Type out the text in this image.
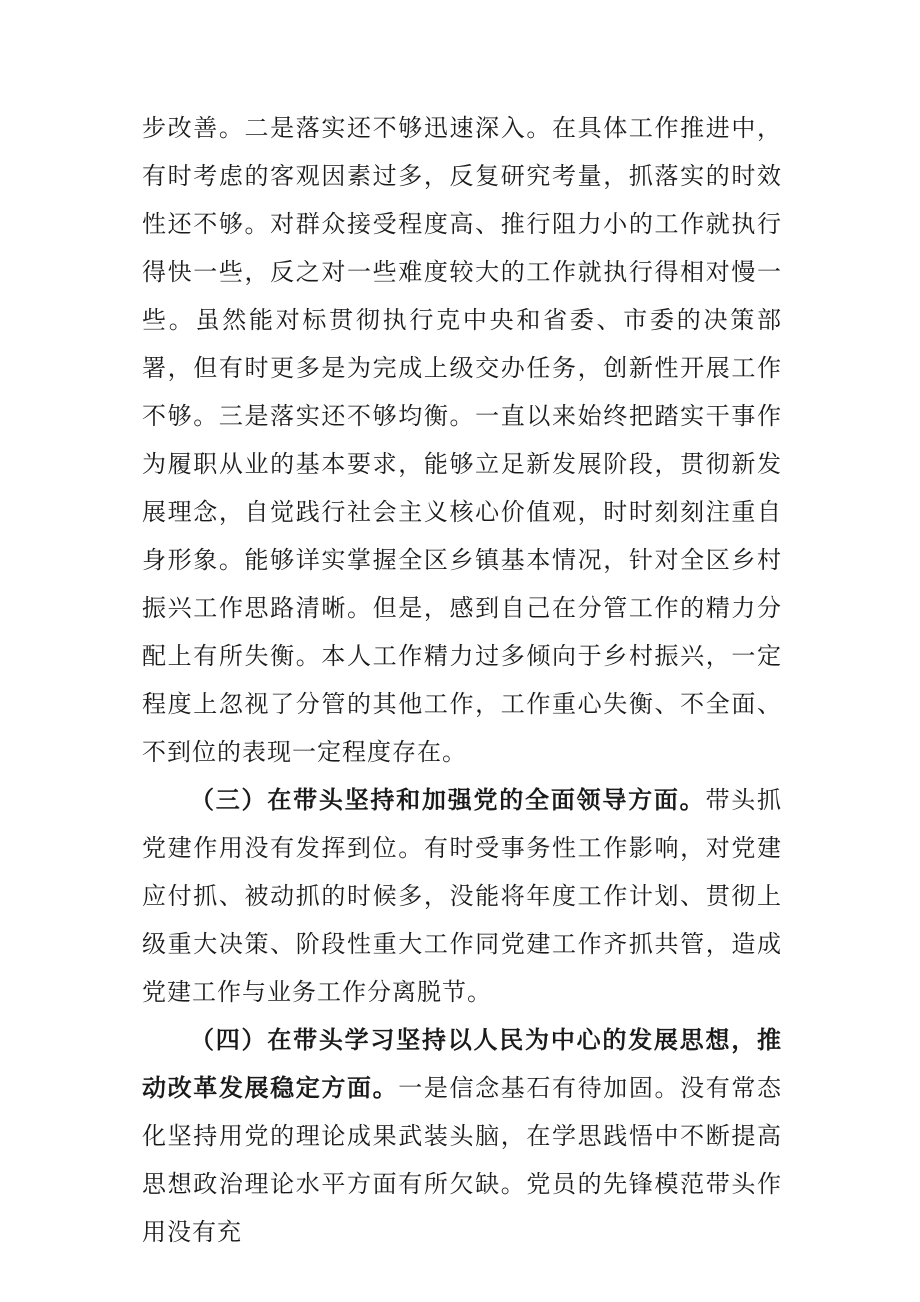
步改善。二是落实还不够迅速深入。在具体工作推进中，有时考虑的客观因素过多，反复研究考量，抓落实的时效性还不够。对群众接受程度高、推行阻力小的工作就执行得快一些，反之对一些难度较大的工作就执行得相对慢一些。虽然能对标贯彻执行克中央和省委、市委的决策部署，但有时更多是为完成上级交办任务，创新性开展工作不够。三是落实还不够均衡。一直以来始终把踏实干事作为履职从业的基本要求，能够立足新发展阶段，贯彻新发展理念，自觉践行社会主义核心价值观，时时刻刻注重自身形象。能够详实掌握全区乡镇基本情况，针对全区乡村振兴工作思路清晰。但是，感到自己在分管工作的精力分配上有所失衡。本人工作精力过多倾向于乡村振兴，一定程度上忽视了分管的其他工作，工作重心失衡、不全面、不到位的表现一定程度存在。

（三）在带头坚持和加强党的全面领导方面。带头抓党建作用没有发挥到位。有时受事务性工作影响，对党建应付抓、被动抓的时候多，没能将年度工作计划、贯彻上级重大决策、阶段性重大工作同党建工作齐抓共管，造成党建工作与业务工作分离脱节。

（四）在带头学习坚持以人民为中心的发展思想，推动改革发展稳定方面。一是信念基石有待加固。没有常态化坚持用党的理论成果武装头脑，在学思践悟中不断提高思想政治理论水平方面有所欠缺。党员的先锋模范带头作用没有充
